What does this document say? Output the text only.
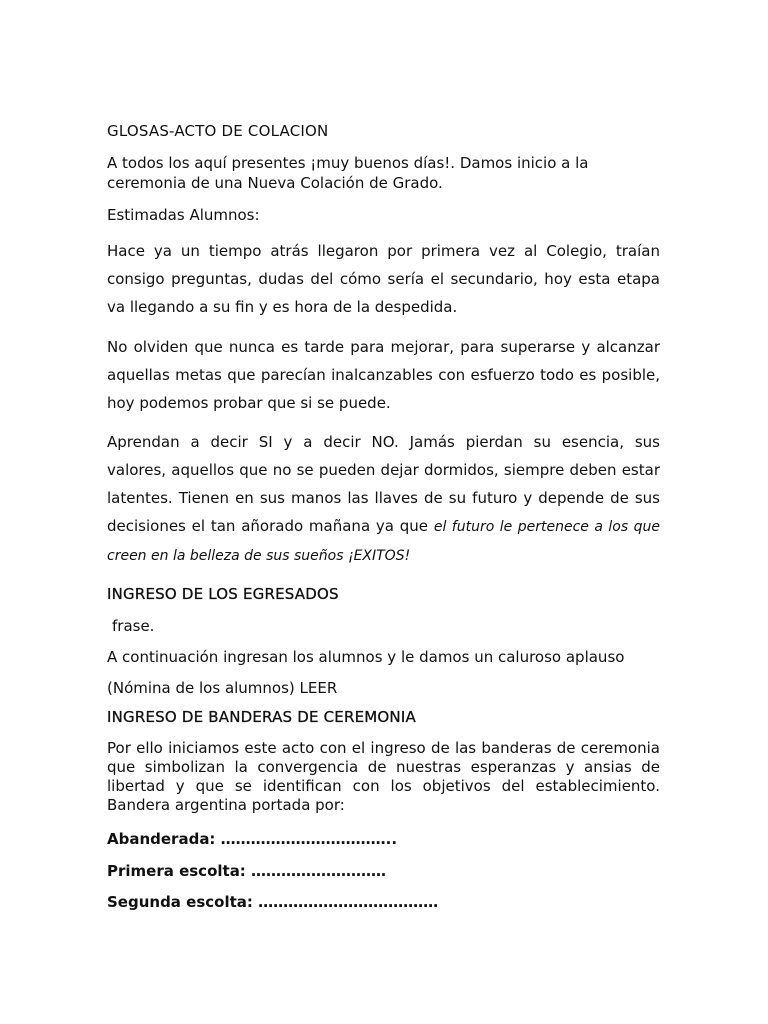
GLOSAS-ACTO DE COLACION
A todos los aquí presentes ¡muy buenos días!. Damos inicio a la
ceremonia de una Nueva Colación de Grado.
Estimadas Alumnos:
Hace ya un tiempo atrás llegaron por primera vez al Colegio, traían
consigo preguntas, dudas del cómo sería el secundario, hoy esta etapa
va llegando a su fin y es hora de la despedida.
No olviden que nunca es tarde para mejorar, para superarse y alcanzar
aquellas metas que parecían inalcanzables con esfuerzo todo es posible,
hoy podemos probar que si se puede.
Aprendan a decir SI y a decir NO. Jamás pierdan su esencia, sus
valores, aquellos que no se pueden dejar dormidos, siempre deben estar
latentes. Tienen en sus manos las llaves de su futuro y depende de sus
decisiones el tan añorado mañana ya que el futuro le pertenece a los que
creen en la belleza de sus sueños ¡EXITOS!
INGRESO DE LOS EGRESADOS
frase.
A continuación ingresan los alumnos y le damos un caluroso aplauso
(Nómina de los alumnos) LEER
INGRESO DE BANDERAS DE CEREMONIA
Por ello iniciamos este acto con el ingreso de las banderas de ceremonia
que simbolizan la convergencia de nuestras esperanzas y ansias de
libertad y que se identifican con los objetivos del establecimiento.
Bandera argentina portada por:
Abanderada: ……………………………..
Primera escolta: ………………………
Segunda escolta: ………………………………
